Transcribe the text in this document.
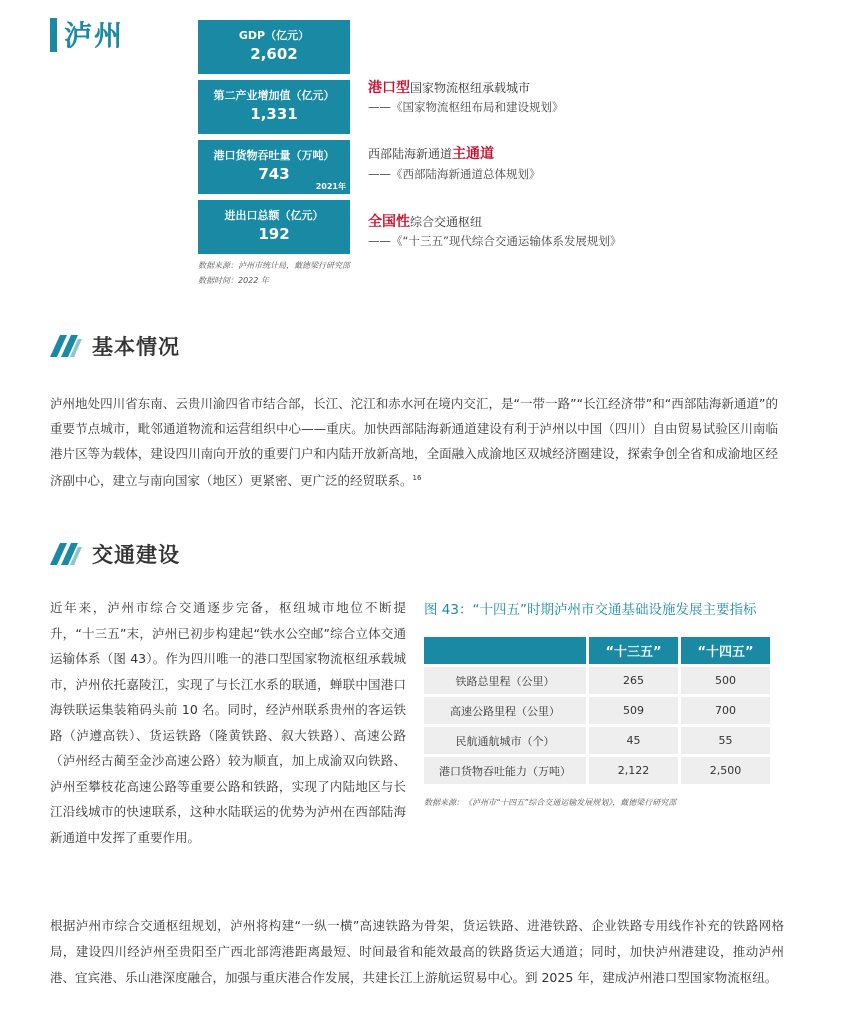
泸州	GDP（亿元）
2,602
第二产业增加值（亿元）
1,331
港口货物吞吐量（万吨）
743
2021年
进出口总额（亿元）
192
港口型国家物流枢纽承载城市
——《国家物流枢纽布局和建设规划》
西部陆海新通道主通道
——《西部陆海新通道总体规划》
全国性综合交通枢纽
——《“十三五”现代综合交通运输体系发展规划》
数据来源：泸州市统计局，戴德梁行研究部
数据时间：2022 年
基本情况
泸州地处四川省东南、云贵川渝四省市结合部，长江、沱江和赤水河在境内交汇，是“一带一路”“长江经济带”和“西部陆海新通道”的重要节点城市，毗邻通道物流和运营组织中心——重庆。加快西部陆海新通道建设有利于泸州以中国（四川）自由贸易试验区川南临港片区等为载体，建设四川南向开放的重要门户和内陆开放新高地，全面融入成渝地区双城经济圈建设，探索争创全省和成渝地区经济副中心，建立与南向国家（地区）更紧密、更广泛的经贸联系。$^{16}$
交通建设
近年来，泸州市综合交通逐步完备，枢纽城市地位不断提升，“十三五”末，泸州已初步构建起“铁水公空邮”综合立体交通运输体系（图 43）。作为四川唯一的港口型国家物流枢纽承载城市，泸州依托嘉陵江，实现了与长江水系的联通，蝉联中国港口海铁联运集装箱码头前 10 名。同时，经泸州联系贵州的客运铁路（泸遵高铁）、货运铁路（隆黄铁路、叙大铁路）、高速公路（泸州经古蔺至金沙高速公路）较为顺直，加上成渝双向铁路、泸州至攀枝花高速公路等重要公路和铁路，实现了内陆地区与长江沿线城市的快速联系，这种水陆联运的优势为泸州在西部陆海新通道中发挥了重要作用。
图 43：“十四五”时期泸州市交通基础设施发展主要指标
	“十三五”	“十四五”
铁路总里程（公里）	265	500
高速公路里程（公里）	509	700
民航通航城市（个）	45	55
港口货物吞吐能力（万吨）	2,122	2,500
数据来源：《泸州市“十四五”综合交通运输发展规划》，戴德梁行研究部
根据泸州市综合交通枢纽规划，泸州将构建“一纵一横”高速铁路为骨架，货运铁路、进港铁路、企业铁路专用线作补充的铁路网格局，建设四川经泸州至贵阳至广西北部湾港距离最短、时间最省和能效最高的铁路货运大通道；同时，加快泸州港建设，推动泸州港、宜宾港、乐山港深度融合，加强与重庆港合作发展，共建长江上游航运贸易中心。到 2025 年，建成泸州港口型国家物流枢纽。
